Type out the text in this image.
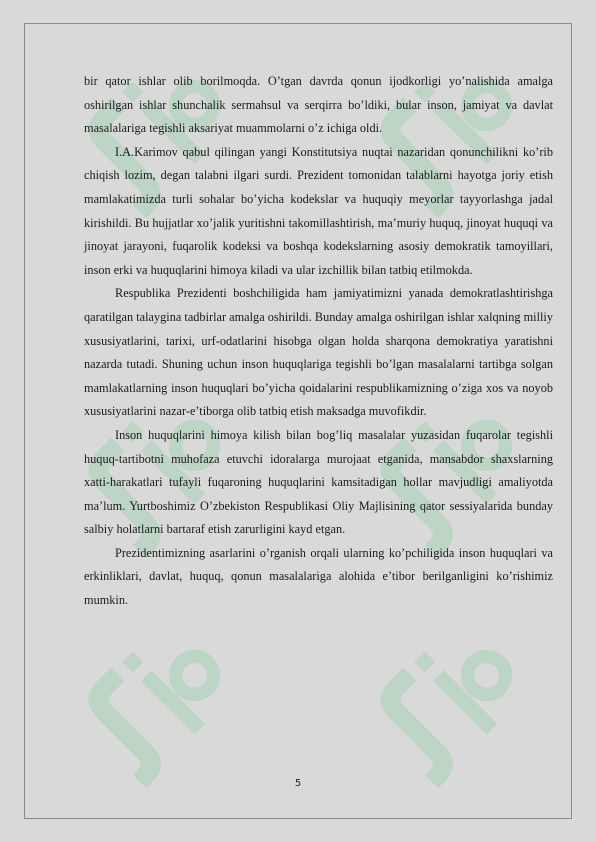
bir qator ishlar olib borilmoqda. O’tgan davrda qonun ijodkorligi yo’nalishida amalga oshirilgan ishlar shunchalik sermahsul va serqirra bo’ldiki, bular inson, jamiyat va davlat masalalariga tegishli aksariyat muammolarni o’z ichiga oldi.

I.A.Karimov qabul qilingan yangi Konstitutsiya nuqtai nazaridan qonunchilikni ko’rib chiqish lozim, degan talabni ilgari surdi. Prezident tomonidan talablarni hayotga joriy etish mamlakatimizda turli sohalar bo’yicha kodekslar va huquqiy meyorlar tayyorlashga jadal kirishildi. Bu hujjatlar xo’jalik yuritishni takomillashtirish, ma’muriy huquq, jinoyat huquqi va jinoyat jarayoni, fuqarolik kodeksi va boshqa kodekslarning asosiy demokratik tamoyillari, inson erki va huquqlarini himoya kiladi va ular izchillik bilan tatbiq etilmokda.

Respublika Prezidenti boshchiligida ham jamiyatimizni yanada demokratlashtirishga qaratilgan talaygina tadbirlar amalga oshirildi. Bunday amalga oshirilgan ishlar xalqning milliy xususiyatlarini, tarixi, urf-odatlarini hisobga olgan holda sharqona demokratiya yaratishni nazarda tutadi. Shuning uchun inson huquqlariga tegishli bo’lgan masalalarni tartibga solgan mamlakatlarning inson huquqlari bo’yicha qoidalarini respublikamizning o’ziga xos va noyob xususiyatlarini nazar-e’tiborga olib tatbiq etish maksadga muvofikdir.

Inson huquqlarini himoya kilish bilan bog’liq masalalar yuzasidan fuqarolar tegishli huquq-tartibotni muhofaza etuvchi idoralarga murojaat etganida, mansabdor shaxslarning xatti-harakatlari tufayli fuqaroning huquqlarini kamsitadigan hollar mavjudligi amaliyotda ma’lum. Yurtboshimiz O’zbekiston Respublikasi Oliy Majlisining qator sessiyalarida bunday salbiy holatlarni bartaraf etish zarurligini kayd etgan.

Prezidentimizning asarlarini o’rganish orqali ularning ko’pchiligida inson huquqlari va erkinliklari, davlat, huquq, qonun masalalariga alohida e’tibor berilganligini ko’rishimiz mumkin.

5
